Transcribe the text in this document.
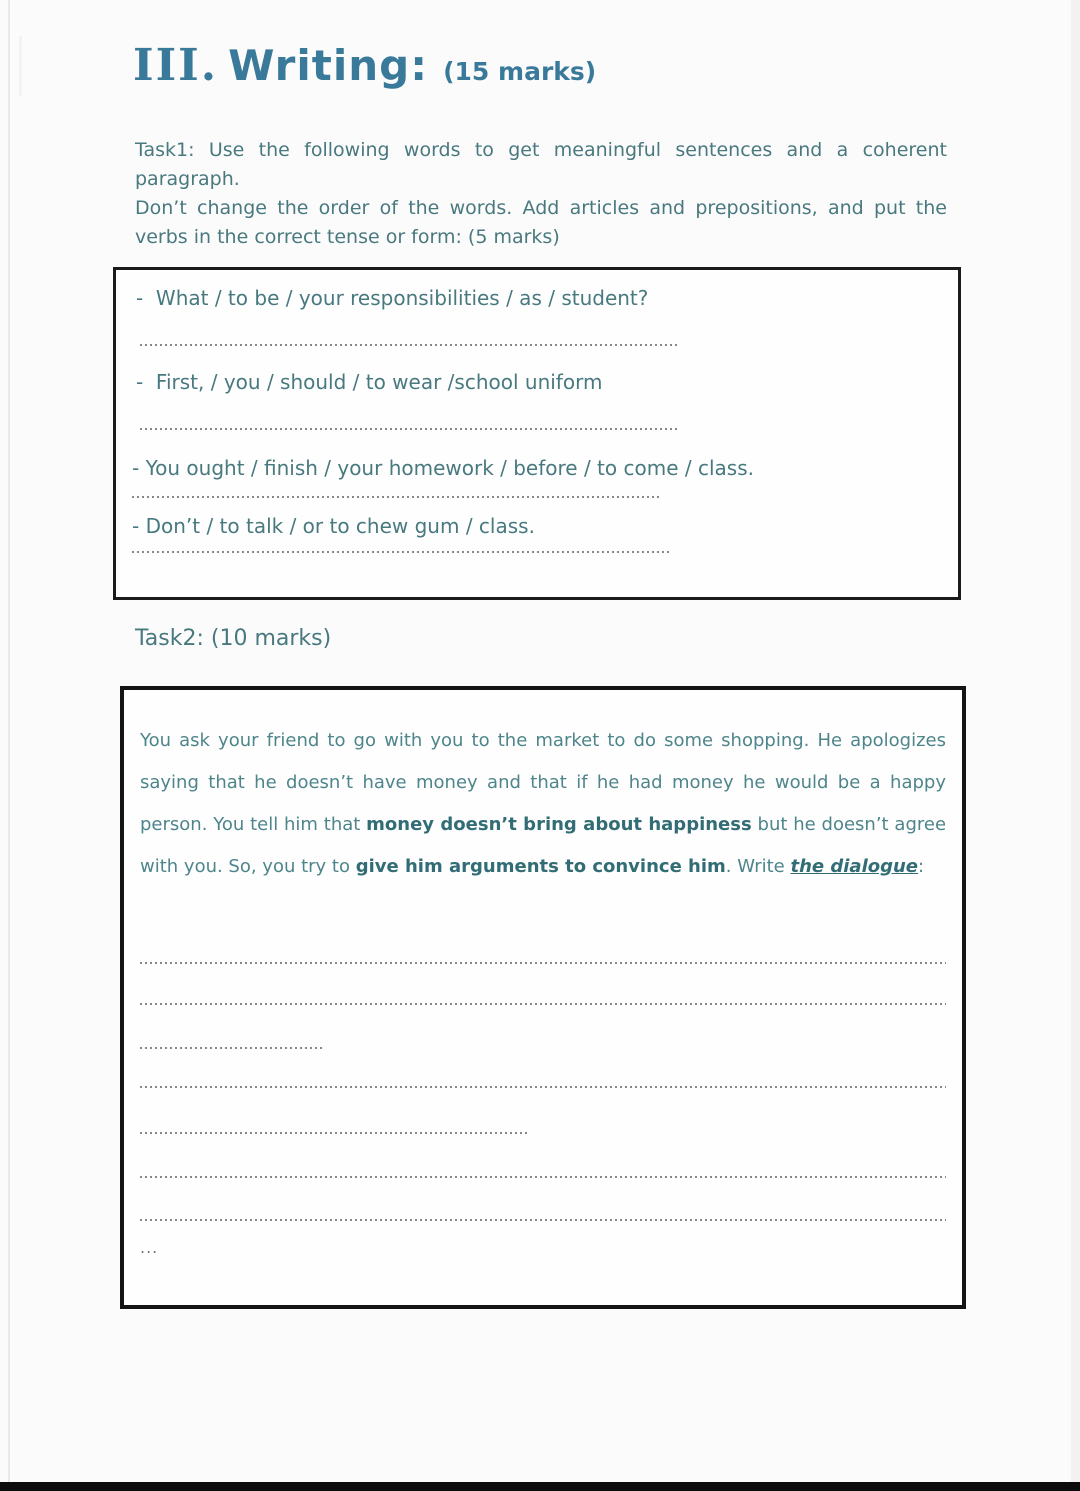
III. Writing: (15 marks)
Task1: Use the following words to get meaningful sentences and a coherent
paragraph.
Don’t change the order of the words. Add articles and prepositions, and put the
verbs in the correct tense or form: (5 marks)
-  What / to be / your responsibilities / as / student?
-  First, / you / should / to wear /school uniform
- You ought / finish / your homework / before / to come / class.
- Don’t / to talk / or to chew gum / class.
Task2: (10 marks)
You ask your friend to go with you to the market to do some shopping. He apologizes
saying that he doesn’t have money and that if he had money he would be a happy
person. You tell him that money doesn’t bring about happiness but he doesn’t agree
with you. So, you try to give him arguments to convince him. Write the dialogue:
...
